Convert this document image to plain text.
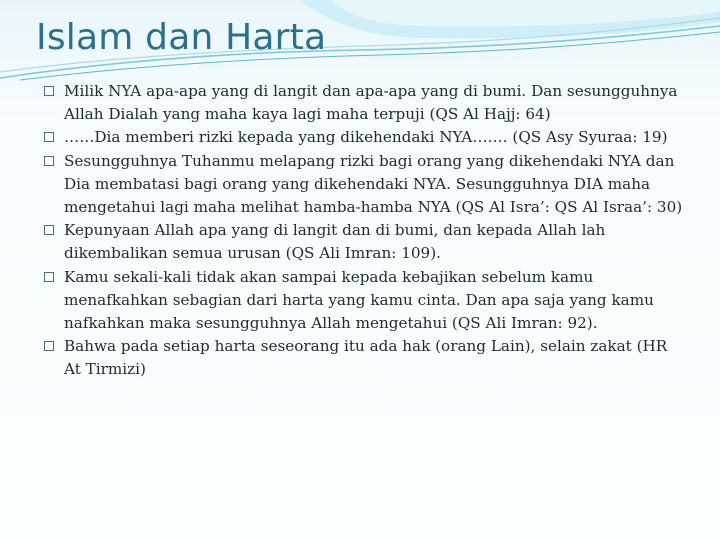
Islam dan Harta
Milik NYA apa-apa yang di langit dan apa-apa yang di bumi. Dan sesungguhnya Allah Dialah yang maha kaya lagi maha terpuji (QS Al Hajj: 64)
……Dia memberi rizki kepada yang dikehendaki NYA……. (QS Asy Syuraa: 19)
Sesungguhnya Tuhanmu melapang rizki bagi orang yang dikehendaki NYA dan Dia membatasi bagi orang yang dikehendaki NYA. Sesungguhnya DIA maha mengetahui lagi maha melihat hamba-hamba NYA (QS Al Isra’: QS Al Israa’: 30)
Kepunyaan Allah apa yang di langit dan di bumi, dan kepada Allah lah dikembalikan semua urusan (QS Ali Imran: 109).
Kamu sekali-kali tidak akan sampai kepada kebajikan sebelum kamu menafkahkan sebagian dari harta yang kamu cinta. Dan apa saja yang kamu nafkahkan maka sesungguhnya Allah mengetahui (QS Ali Imran: 92).
Bahwa pada setiap harta seseorang itu ada hak (orang Lain), selain zakat (HR At Tirmizi)
